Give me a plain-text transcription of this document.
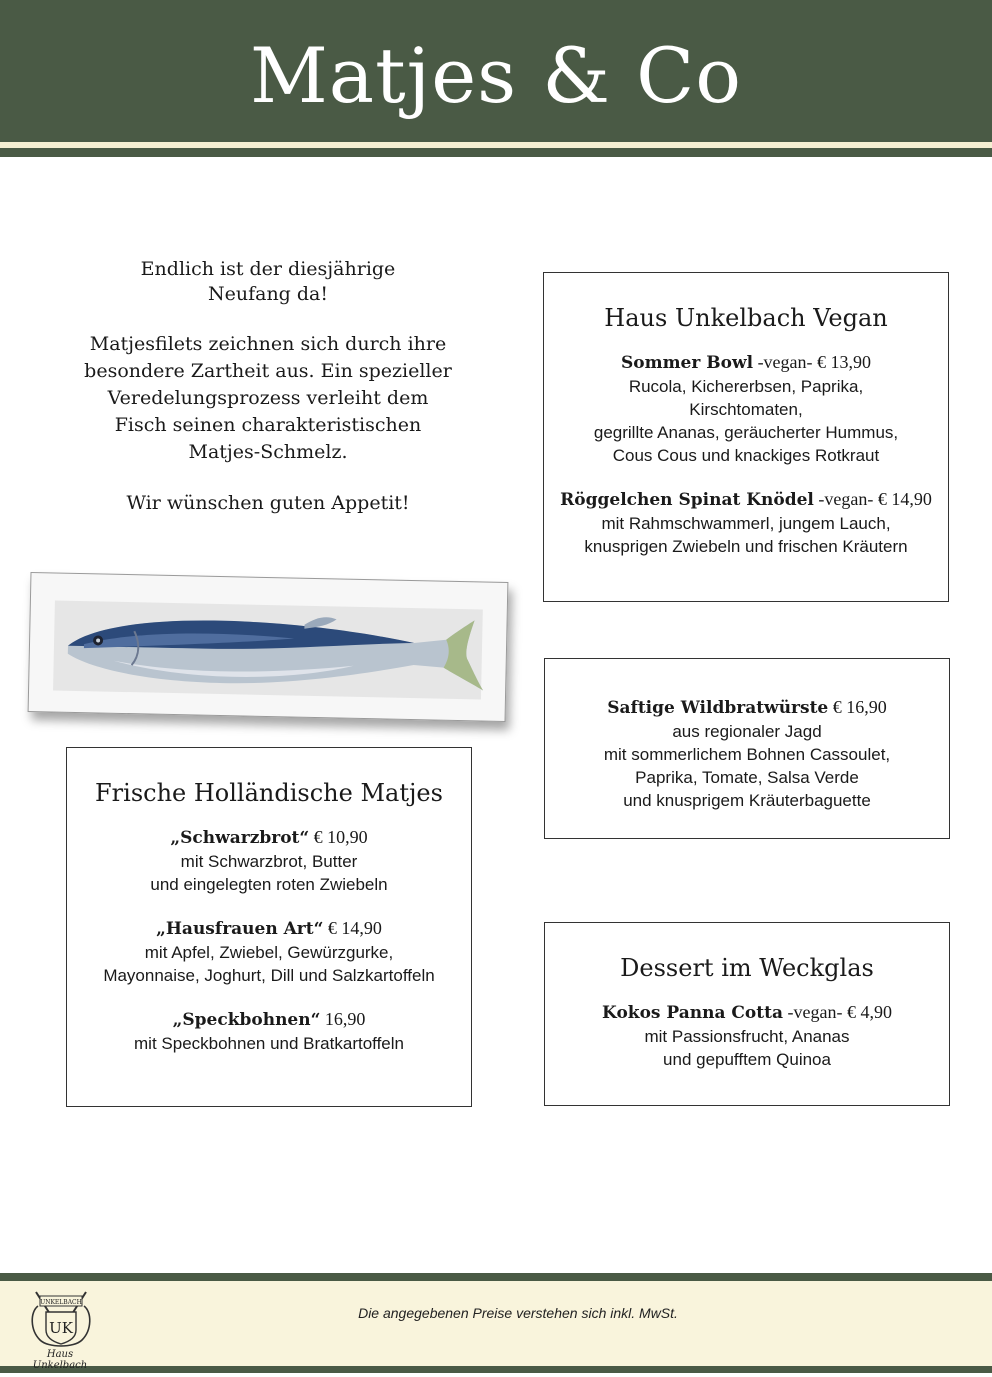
Matjes & Co

Endlich ist der diesjährige
Neufang da!

Matjesfilets zeichnen sich durch ihre
besondere Zartheit aus. Ein spezieller
Veredelungsprozess verleiht dem
Fisch seinen charakteristischen
Matjes-Schmelz.

Wir wünschen guten Appetit!

Frische Holländische Matjes
„Schwarzbrot“ € 10,90
mit Schwarzbrot, Butter
und eingelegten roten Zwiebeln
„Hausfrauen Art“ € 14,90
mit Apfel, Zwiebel, Gewürzgurke,
Mayonnaise, Joghurt, Dill und Salzkartoffeln
„Speckbohnen“ 16,90
mit Speckbohnen und Bratkartoffeln
Haus Unkelbach Vegan
Sommer Bowl -vegan- € 13,90
Rucola, Kichererbsen, Paprika,
Kirschtomaten,
gegrillte Ananas, geräucherter Hummus,
Cous Cous und knackiges Rotkraut
Röggelchen Spinat Knödel -vegan- € 14,90
mit Rahmschwammerl, jungem Lauch,
knusprigen Zwiebeln und frischen Kräutern
Saftige Wildbratwürste € 16,90
aus regionaler Jagd
mit sommerlichem Bohnen Cassoulet,
Paprika, Tomate, Salsa Verde
und knusprigem Kräuterbaguette
Dessert im Weckglas
Kokos Panna Cotta -vegan- € 4,90
mit Passionsfrucht, Ananas
und gepufftem Quinoa
UNKELBACH
UK
Haus Unkelbach
Die angegebenen Preise verstehen sich inkl. MwSt.
